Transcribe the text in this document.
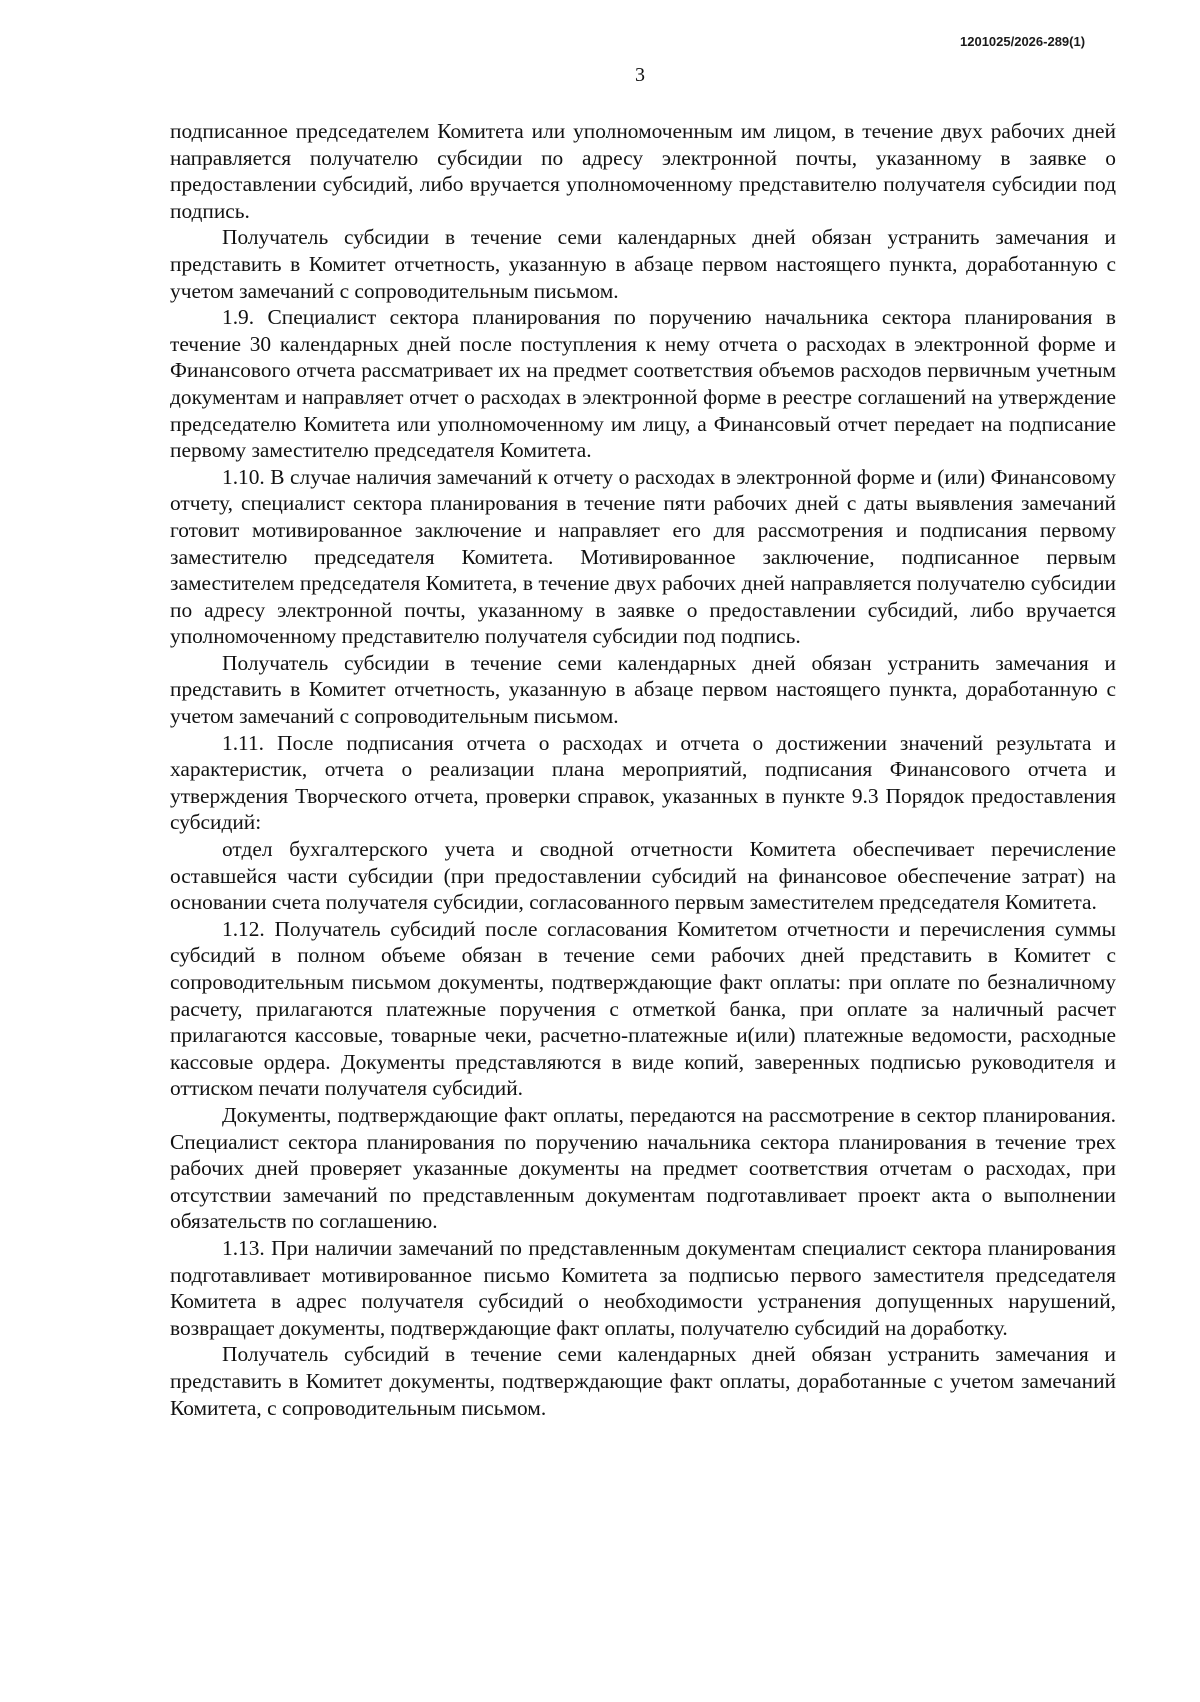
1201025/2026-289(1)
3

подписанное председателем Комитета или уполномоченным им лицом, в течение двух рабочих дней направляется получателю субсидии по адресу электронной почты, указанному в заявке о предоставлении субсидий, либо вручается уполномоченному представителю получателя субсидии под подпись.

Получатель субсидии в течение семи календарных дней обязан устранить замечания и представить в Комитет отчетность, указанную в абзаце первом настоящего пункта, доработанную с учетом замечаний с сопроводительным письмом.

1.9. Специалист сектора планирования по поручению начальника сектора планирования в течение 30 календарных дней после поступления к нему отчета о расходах в электронной форме и Финансового отчета рассматривает их на предмет соответствия объемов расходов первичным учетным документам и направляет отчет о расходах в электронной форме в реестре соглашений на утверждение председателю Комитета или уполномоченному им лицу, а Финансовый отчет передает на подписание первому заместителю председателя Комитета.

1.10. В случае наличия замечаний к отчету о расходах в электронной форме и (или) Финансовому отчету, специалист сектора планирования в течение пяти рабочих дней с даты выявления замечаний готовит мотивированное заключение и направляет его для рассмотрения и подписания первому заместителю председателя Комитета. Мотивированное заключение, подписанное первым заместителем председателя Комитета, в течение двух рабочих дней направляется получателю субсидии по адресу электронной почты, указанному в заявке о предоставлении субсидий, либо вручается уполномоченному представителю получателя субсидии под подпись.

Получатель субсидии в течение семи календарных дней обязан устранить замечания и представить в Комитет отчетность, указанную в абзаце первом настоящего пункта, доработанную с учетом замечаний с сопроводительным письмом.

1.11. После подписания отчета о расходах и отчета о достижении значений результата и характеристик, отчета о реализации плана мероприятий, подписания Финансового отчета и утверждения Творческого отчета, проверки справок, указанных в пункте 9.3 Порядок предоставления субсидий:

отдел бухгалтерского учета и сводной отчетности Комитета обеспечивает перечисление оставшейся части субсидии (при предоставлении субсидий на финансовое обеспечение затрат) на основании счета получателя субсидии, согласованного первым заместителем председателя Комитета.

1.12. Получатель субсидий после согласования Комитетом отчетности и перечисления суммы субсидий в полном объеме обязан в течение семи рабочих дней представить в Комитет с сопроводительным письмом документы, подтверждающие факт оплаты: при оплате по безналичному расчету, прилагаются платежные поручения с отметкой банка, при оплате за наличный расчет прилагаются кассовые, товарные чеки, расчетно-платежные и(или) платежные ведомости, расходные кассовые ордера. Документы представляются в виде копий, заверенных подписью руководителя и оттиском печати получателя субсидий.

Документы, подтверждающие факт оплаты, передаются на рассмотрение в сектор планирования. Специалист сектора планирования по поручению начальника сектора планирования в течение трех рабочих дней проверяет указанные документы на предмет соответствия отчетам о расходах, при отсутствии замечаний по представленным документам подготавливает проект акта о выполнении обязательств по соглашению.

1.13. При наличии замечаний по представленным документам специалист сектора планирования подготавливает мотивированное письмо Комитета за подписью первого заместителя председателя Комитета в адрес получателя субсидий о необходимости устранения допущенных нарушений, возвращает документы, подтверждающие факт оплаты, получателю субсидий на доработку.

Получатель субсидий в течение семи календарных дней обязан устранить замечания и представить в Комитет документы, подтверждающие факт оплаты, доработанные с учетом замечаний Комитета, с сопроводительным письмом.
